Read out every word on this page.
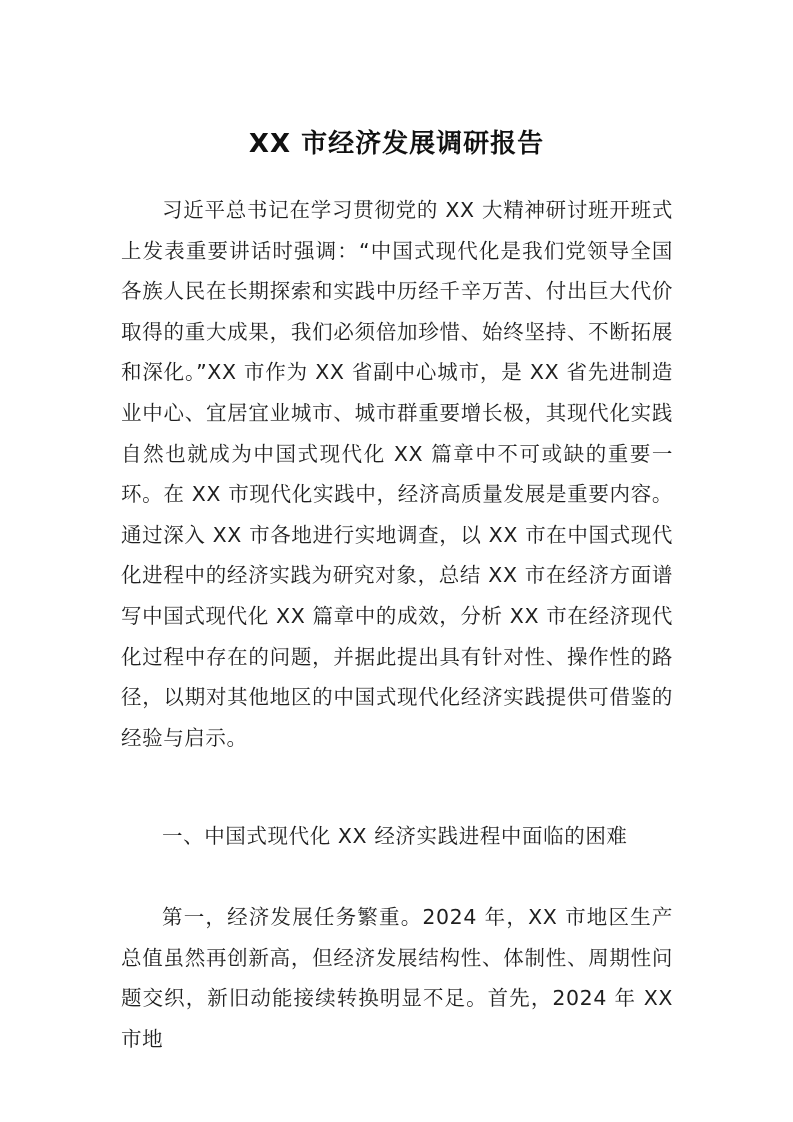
XX 市经济发展调研报告

习近平总书记在学习贯彻党的 XX 大精神研讨班开班式上发表重要讲话时强调：“中国式现代化是我们党领导全国各族人民在长期探索和实践中历经千辛万苦、付出巨大代价取得的重大成果，我们必须倍加珍惜、始终坚持、不断拓展和深化。”XX 市作为 XX 省副中心城市，是 XX 省先进制造业中心、宜居宜业城市、城市群重要增长极，其现代化实践自然也就成为中国式现代化 XX 篇章中不可或缺的重要一环。在 XX 市现代化实践中，经济高质量发展是重要内容。通过深入 XX 市各地进行实地调查，以 XX 市在中国式现代化进程中的经济实践为研究对象，总结 XX 市在经济方面谱写中国式现代化 XX 篇章中的成效，分析 XX 市在经济现代化过程中存在的问题，并据此提出具有针对性、操作性的路径，以期对其他地区的中国式现代化经济实践提供可借鉴的经验与启示。

一、中国式现代化 XX 经济实践进程中面临的困难

第一，经济发展任务繁重。2024 年，XX 市地区生产总值虽然再创新高，但经济发展结构性、体制性、周期性问题交织，新旧动能接续转换明显不足。首先，2024 年 XX 市地
